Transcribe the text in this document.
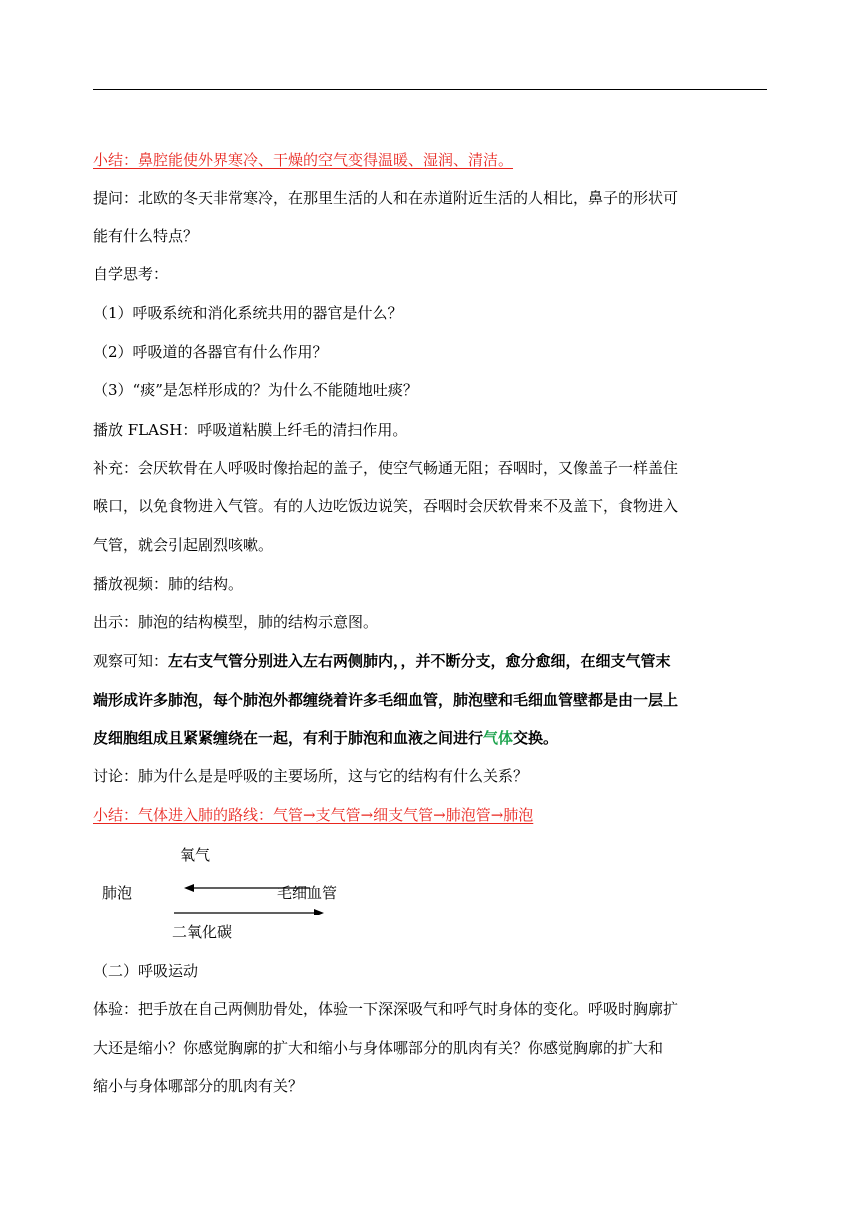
小结：鼻腔能使外界寒冷、干燥的空气变得温暖、湿润、清洁。
提问：北欧的冬天非常寒冷，在那里生活的人和在赤道附近生活的人相比，鼻子的形状可
能有什么特点？
自学思考：
（1）呼吸系统和消化系统共用的器官是什么？
（2）呼吸道的各器官有什么作用？
（3）“痰”是怎样形成的？为什么不能随地吐痰？
播放 FLASH：呼吸道粘膜上纤毛的清扫作用。
补充：会厌软骨在人呼吸时像抬起的盖子，使空气畅通无阻；吞咽时，又像盖子一样盖住
喉口，以免食物进入气管。有的人边吃饭边说笑，吞咽时会厌软骨来不及盖下，食物进入
气管，就会引起剧烈咳嗽。
播放视频：肺的结构。
出示：肺泡的结构模型，肺的结构示意图。
观察可知：左右支气管分别进入左右两侧肺内，，并不断分支，愈分愈细，在细支气管末
端形成许多肺泡，每个肺泡外都缠绕着许多毛细血管，肺泡壁和毛细血管壁都是由一层上
皮细胞组成且紧紧缠绕在一起，有利于肺泡和血液之间进行气体交换。
讨论：肺为什么是是呼吸的主要场所，这与它的结构有什么关系？
小结：气体进入肺的路线：气管→支气管→细支气管→肺泡管→肺泡
氧气
肺泡	毛细血管
二氧化碳
（二）呼吸运动
体验：把手放在自己两侧肋骨处，体验一下深深吸气和呼气时身体的变化。呼吸时胸廓扩
大还是缩小？你感觉胸廓的扩大和缩小与身体哪部分的肌肉有关？你感觉胸廓的扩大和
缩小与身体哪部分的肌肉有关？
